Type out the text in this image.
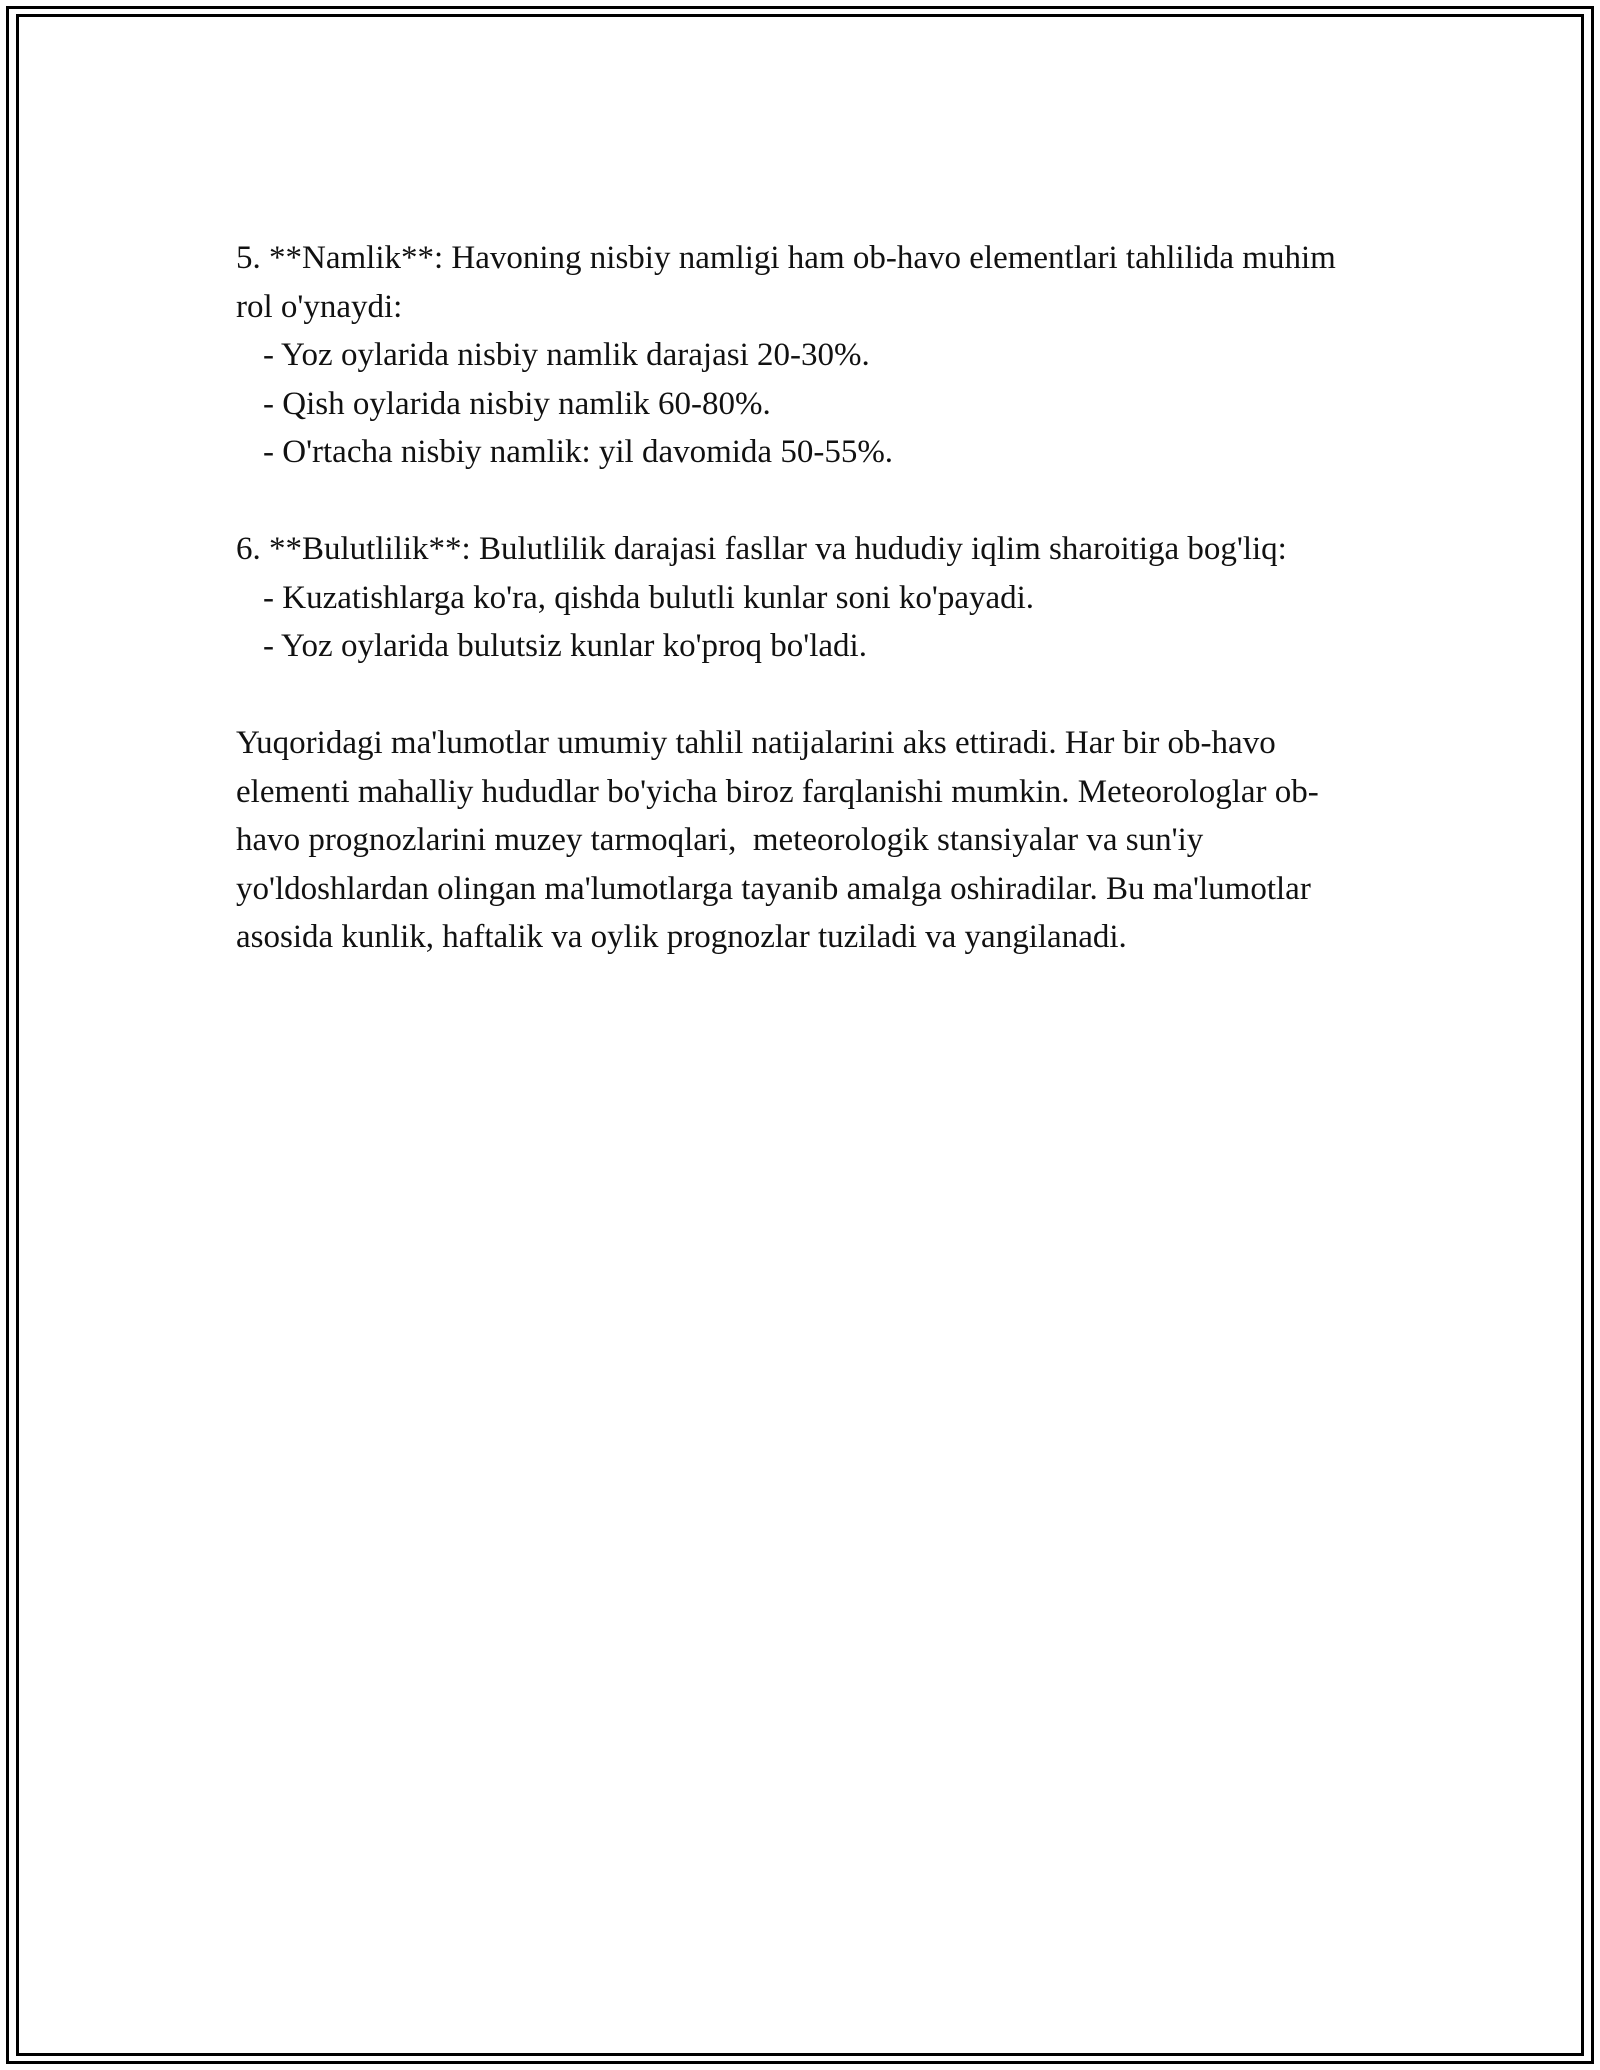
5. **Namlik**: Havoning nisbiy namligi ham ob-havo elementlari tahlilida muhim rol o'ynaydi:

- Yoz oylarida nisbiy namlik darajasi 20-30%.

- Qish oylarida nisbiy namlik 60-80%.

- O'rtacha nisbiy namlik: yil davomida 50-55%.

6. **Bulutlilik**: Bulutlilik darajasi fasllar va hududiy iqlim sharoitiga bog'liq:

- Kuzatishlarga ko'ra, qishda bulutli kunlar soni ko'payadi.

- Yoz oylarida bulutsiz kunlar ko'proq bo'ladi.

Yuqoridagi ma'lumotlar umumiy tahlil natijalarini aks ettiradi. Har bir ob-havo elementi mahalliy hududlar bo'yicha biroz farqlanishi mumkin. Meteorologlar ob-havo prognozlarini muzey tarmoqlari,  meteorologik stansiyalar va sun'iy yo'ldoshlardan olingan ma'lumotlarga tayanib amalga oshiradilar. Bu ma'lumotlar asosida kunlik, haftalik va oylik prognozlar tuziladi va yangilanadi.
